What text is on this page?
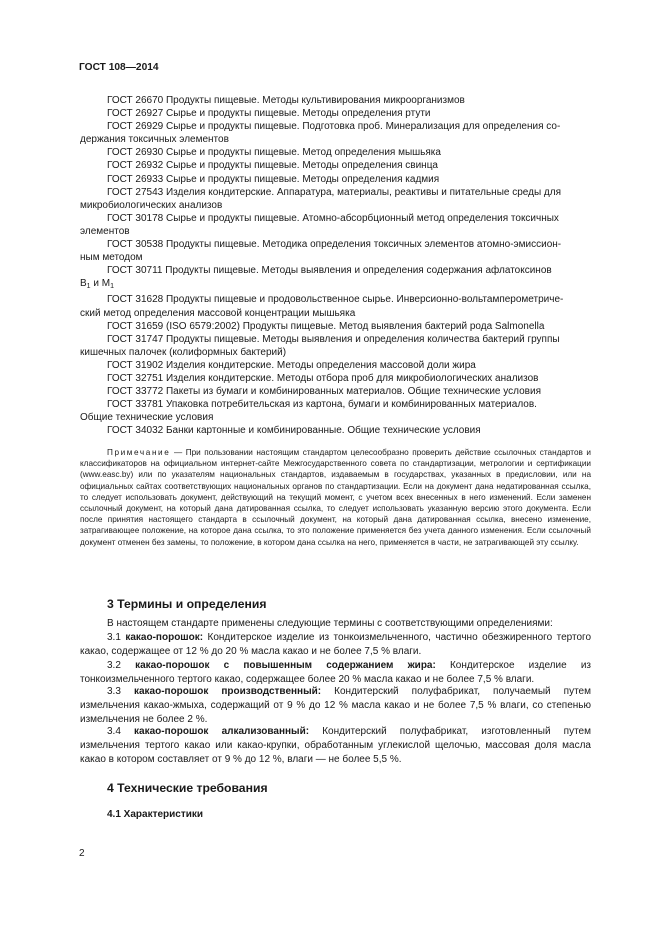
ГОСТ 108—2014
ГОСТ 26670 Продукты пищевые. Методы культивирования микроорганизмов
ГОСТ 26927 Сырье и продукты пищевые. Методы определения ртути
ГОСТ 26929 Сырье и продукты пищевые. Подготовка проб. Минерализация для определения со-
держания токсичных элементов
ГОСТ 26930 Сырье и продукты пищевые. Метод определения мышьяка
ГОСТ 26932 Сырье и продукты пищевые. Методы определения свинца
ГОСТ 26933 Сырье и продукты пищевые. Методы определения кадмия
ГОСТ 27543 Изделия кондитерские. Аппаратура, материалы, реактивы и питательные среды для
микробиологических анализов
ГОСТ 30178 Сырье и продукты пищевые. Атомно-абсорбционный метод определения токсичных
элементов
ГОСТ 30538 Продукты пищевые. Методика определения токсичных элементов атомно-эмиссион-
ным методом
ГОСТ 30711 Продукты пищевые. Методы выявления и определения содержания афлатоксинов
$В_1$ и $М_1$
ГОСТ 31628 Продукты пищевые и продовольственное сырье. Инверсионно-вольтамперометриче-
ский метод определения массовой концентрации мышьяка
ГОСТ 31659 (ISO 6579:2002) Продукты пищевые. Метод выявления бактерий рода Salmonella
ГОСТ 31747 Продукты пищевые. Методы выявления и определения количества бактерий группы
кишечных палочек (колиформных бактерий)
ГОСТ 31902 Изделия кондитерские. Методы определения массовой доли жира
ГОСТ 32751 Изделия кондитерские. Методы отбора проб для микробиологических анализов
ГОСТ 33772 Пакеты из бумаги и комбинированных материалов. Общие технические условия
ГОСТ 33781 Упаковка потребительская из картона, бумаги и комбинированных материалов.
Общие технические условия
ГОСТ 34032 Банки картонные и комбинированные. Общие технические условия
Примечание — При пользовании настоящим стандартом целесообразно проверить действие ссылочных стандартов и классификаторов на официальном интернет-сайте Межгосударственного совета по стандартизации, метрологии и сертификации (www.easc.by) или по указателям национальных стандартов, издаваемым в государствах, указанных в предисловии, или на официальных сайтах соответствующих национальных органов по стандартизации. Если на документ дана недатированная ссылка, то следует использовать документ, действующий на текущий момент, с учетом всех внесенных в него изменений. Если заменен ссылочный документ, на который дана датированная ссылка, то следует использовать указанную версию этого документа. Если после принятия настоящего стандарта в ссылочный документ, на который дана датированная ссылка, внесено изменение, затрагивающее положение, на которое дана ссылка, то это положение применяется без учета данного изменения. Если ссылочный документ отменен без замены, то положение, в котором дана ссылка на него, применяется в части, не затрагивающей эту ссылку.
3 Термины и определения
В настоящем стандарте применены следующие термины с соответствующими определениями:
3.1 какао-порошок: Кондитерское изделие из тонкоизмельченного, частично обезжиренного тертого какао, содержащее от 12 % до 20 % масла какао и не более 7,5 % влаги.
3.2 какао-порошок с повышенным содержанием жира: Кондитерское изделие из тонкоизмельченного тертого какао, содержащее более 20 % масла какао и не более 7,5 % влаги.
3.3 какао-порошок производственный: Кондитерский полуфабрикат, получаемый путем измельчения какао-жмыха, содержащий от 9 % до 12 % масла какао и не более 7,5 % влаги, со степенью измельчения не более 2 %.
3.4 какао-порошок алкализованный: Кондитерский полуфабрикат, изготовленный путем измельчения тертого какао или какао-крупки, обработанным углекислой щелочью, массовая доля масла какао в котором составляет от 9 % до 12 %, влаги — не более 5,5 %.
4 Технические требования
4.1 Характеристики
2
